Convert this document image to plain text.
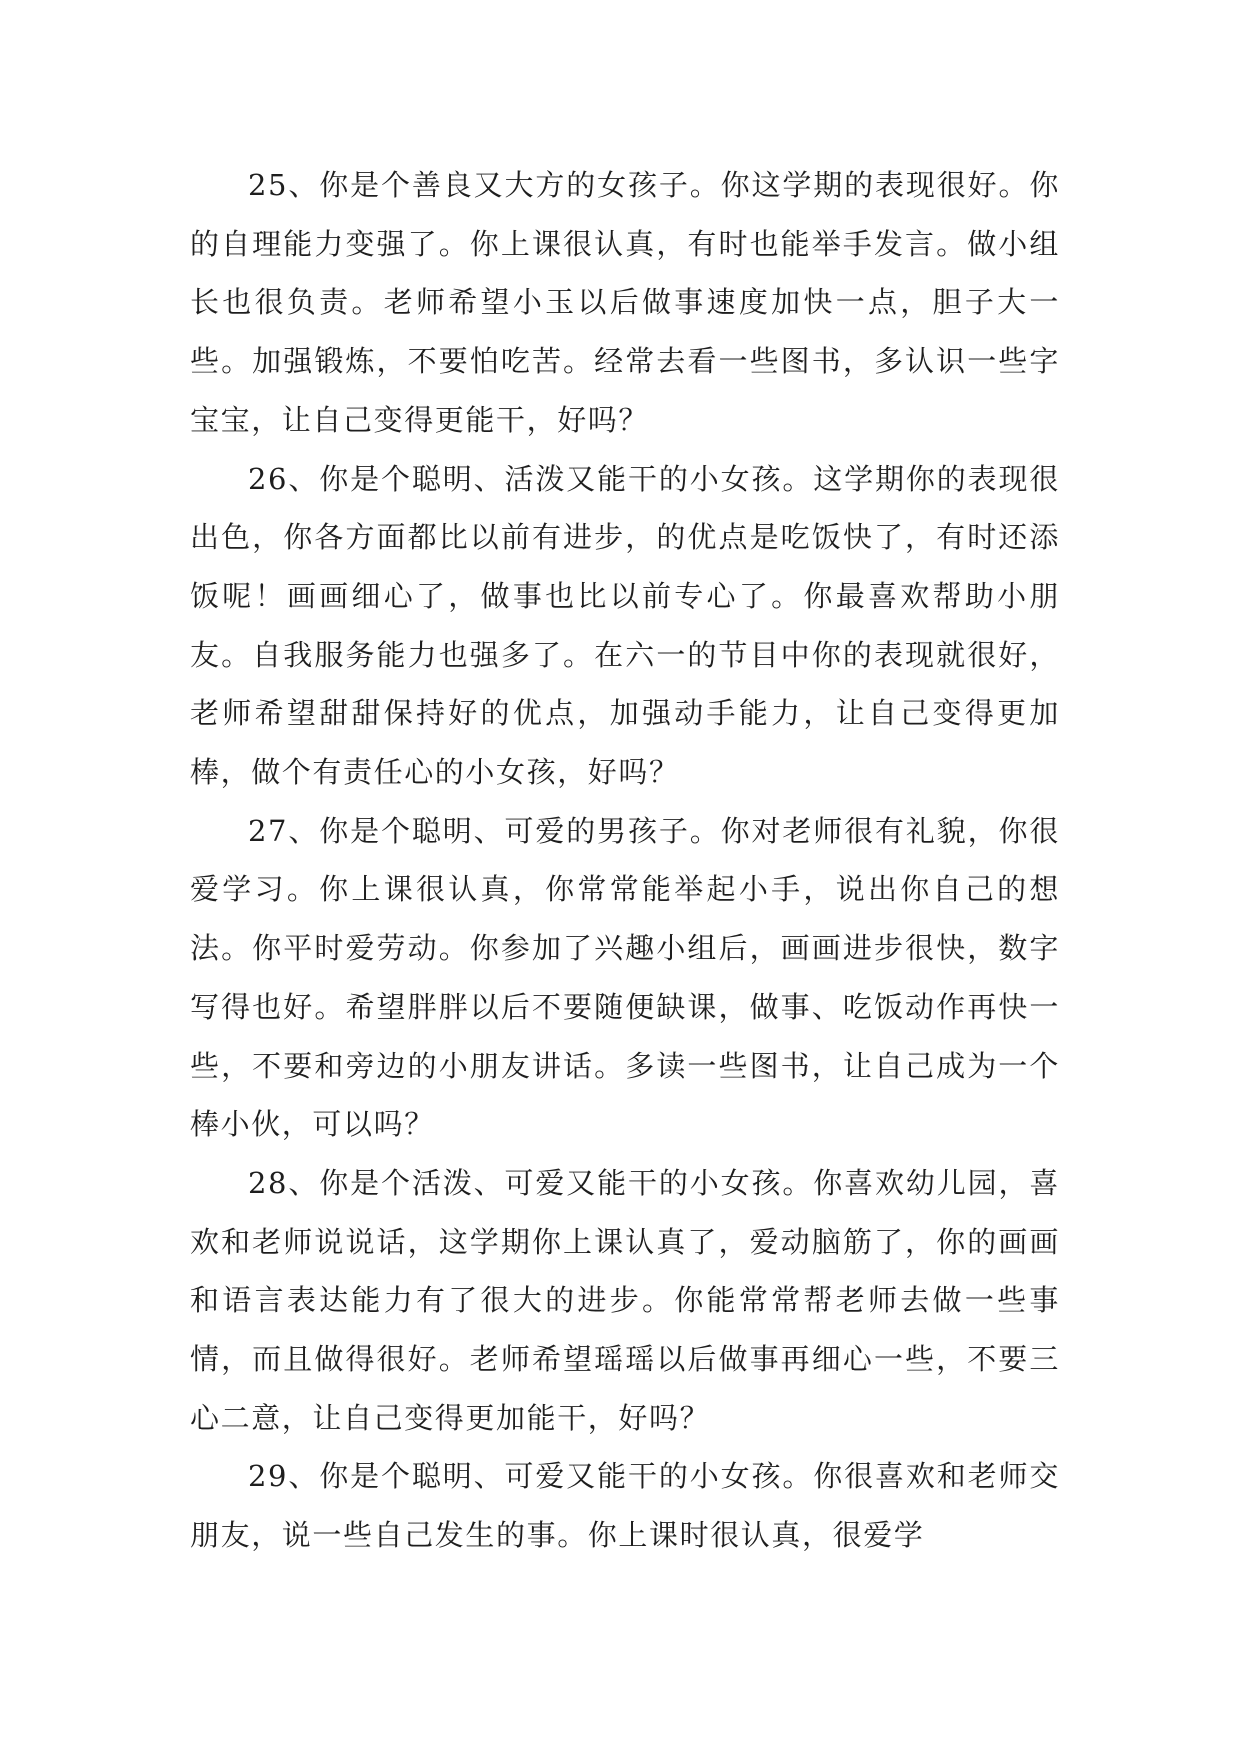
25、你是个善良又大方的女孩子。你这学期的表现很好。你的自理能力变强了。你上课很认真，有时也能举手发言。做小组长也很负责。老师希望小玉以后做事速度加快一点，胆子大一些。加强锻炼，不要怕吃苦。经常去看一些图书，多认识一些字宝宝，让自己变得更能干，好吗？

26、你是个聪明、活泼又能干的小女孩。这学期你的表现很出色，你各方面都比以前有进步，的优点是吃饭快了，有时还添饭呢！画画细心了，做事也比以前专心了。你最喜欢帮助小朋友。自我服务能力也强多了。在六一的节目中你的表现就很好，老师希望甜甜保持好的优点，加强动手能力，让自己变得更加棒，做个有责任心的小女孩，好吗？

27、你是个聪明、可爱的男孩子。你对老师很有礼貌，你很爱学习。你上课很认真，你常常能举起小手，说出你自己的想法。你平时爱劳动。你参加了兴趣小组后，画画进步很快，数字写得也好。希望胖胖以后不要随便缺课，做事、吃饭动作再快一些，不要和旁边的小朋友讲话。多读一些图书，让自己成为一个棒小伙，可以吗？

28、你是个活泼、可爱又能干的小女孩。你喜欢幼儿园，喜欢和老师说说话，这学期你上课认真了，爱动脑筋了，你的画画和语言表达能力有了很大的进步。你能常常帮老师去做一些事情，而且做得很好。老师希望瑶瑶以后做事再细心一些，不要三心二意，让自己变得更加能干，好吗？

29、你是个聪明、可爱又能干的小女孩。你很喜欢和老师交朋友，说一些自己发生的事。你上课时很认真，很爱学
